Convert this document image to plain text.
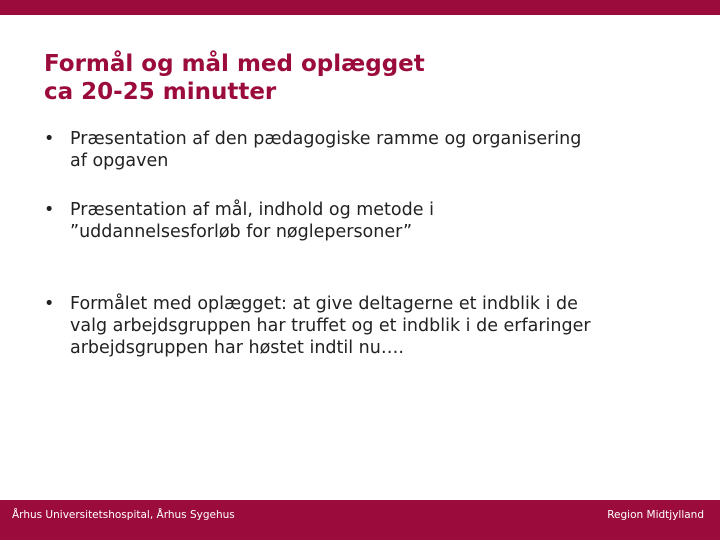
Formål og mål med oplægget
ca 20-25 minutter
• Præsentation af den pædagogiske ramme og organisering
af opgaven
• Præsentation af mål, indhold og metode i
”uddannelsesforløb for nøglepersoner”
• Formålet med oplægget: at give deltagerne et indblik i de
valg arbejdsgruppen har truffet og et indblik i de erfaringer
arbejdsgruppen har høstet indtil nu….
Århus Universitetshospital, Århus Sygehus	Region Midtjylland
